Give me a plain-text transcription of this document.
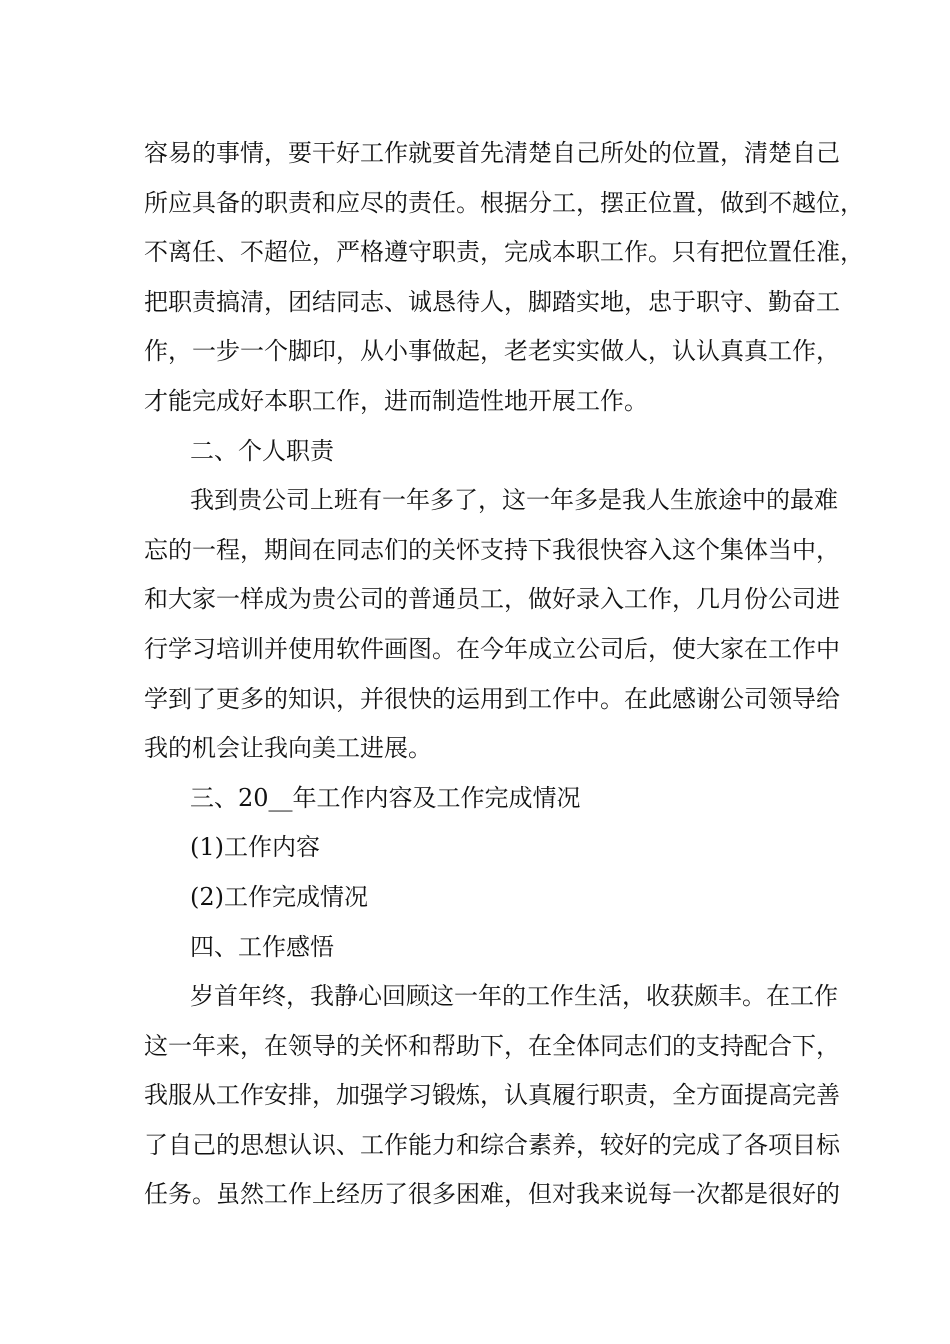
容易的事情，要干好工作就要首先清楚自己所处的位置，清楚自己
所应具备的职责和应尽的责任。根据分工，摆正位置，做到不越位，
不离任、不超位，严格遵守职责，完成本职工作。只有把位置任准，
把职责搞清，团结同志、诚恳待人，脚踏实地，忠于职守、勤奋工
作，一步一个脚印，从小事做起，老老实实做人，认认真真工作，
才能完成好本职工作，进而制造性地开展工作。
二、个人职责
我到贵公司上班有一年多了，这一年多是我人生旅途中的最难
忘的一程，期间在同志们的关怀支持下我很快容入这个集体当中，
和大家一样成为贵公司的普通员工，做好录入工作，几月份公司进
行学习培训并使用软件画图。在今年成立公司后，使大家在工作中
学到了更多的知识，并很快的运用到工作中。在此感谢公司领导给
我的机会让我向美工进展。
三、20__年工作内容及工作完成情况
(1)工作内容
(2)工作完成情况
四、工作感悟
岁首年终，我静心回顾这一年的工作生活，收获颇丰。在工作
这一年来，在领导的关怀和帮助下，在全体同志们的支持配合下，
我服从工作安排，加强学习锻炼，认真履行职责，全方面提高完善
了自己的思想认识、工作能力和综合素养，较好的完成了各项目标
任务。虽然工作上经历了很多困难，但对我来说每一次都是很好的
